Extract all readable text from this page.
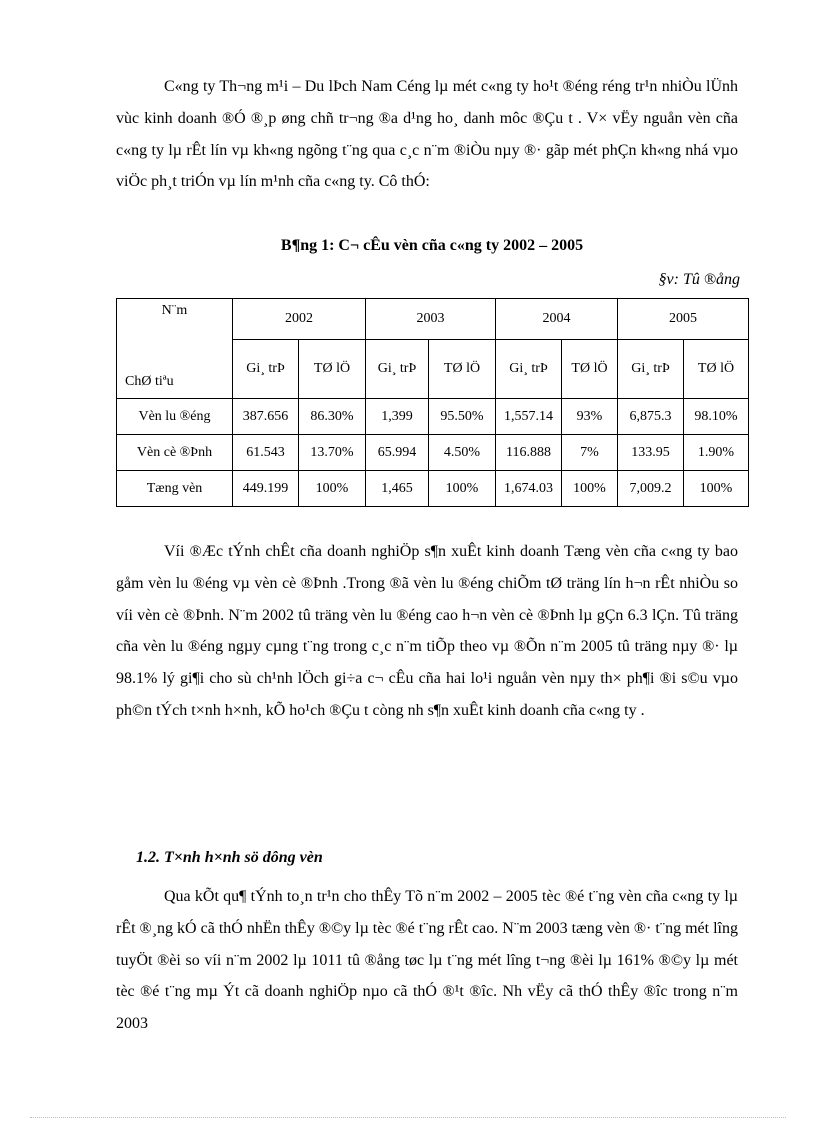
C«ng ty Th¬ng m¹i – Du lÞch Nam Céng lµ mét c«ng ty ho¹t ®éng réng tr¹n nhiÒu lÜnh vùc kinh doanh ®Ó ®¸p øng chñ tr¬ng ®a d¹ng ho¸ danh môc ®Çu t . V× vËy nguån vèn cña c«ng ty lµ rÊt lín vµ kh«ng ngõng t¨ng qua c¸c n¨m ®iÒu nµy ®· gãp mét phÇn kh«ng nhá vµo viÖc ph¸t triÓn vµ lín m¹nh cña c«ng ty. Cô thÓ:

B¶ng 1: C¬ cÊu vèn cña c«ng ty 2002 – 2005

§v: Tû ®ång

N¨m
ChØ tiªu	2002		2003		2004		2005	
	Gi¸ trÞ	TØ lÖ	Gi¸ trÞ	TØ lÖ	Gi¸ trÞ	TØ lÖ	Gi¸ trÞ	TØ lÖ
Vèn lu ®éng	387.656	86.30%	1,399	95.50%	1,557.14	93%	6,875.3	98.10%
Vèn cè ®Þnh	61.543	13.70%	65.994	4.50%	116.888	7%	133.95	1.90%
Tæng vèn	449.199	100%	1,465	100%	1,674.03	100%	7,009.2	100%

Víi ®Æc tÝnh chÊt cña doanh nghiÖp s¶n xuÊt kinh doanh Tæng vèn cña c«ng ty bao gåm vèn lu ®éng vµ vèn cè ®Þnh .Trong ®ã vèn lu ®éng chiÕm tØ träng lín h¬n rÊt nhiÒu so víi vèn cè ®Þnh. N¨m 2002 tû träng vèn lu ®éng cao h¬n vèn cè ®Þnh lµ gÇn 6.3 lÇn. Tû träng cña vèn lu ®éng ngµy cµng t¨ng trong c¸c n¨m tiÕp theo vµ ®Õn n¨m 2005 tû träng nµy ®· lµ 98.1% lý gi¶i cho sù ch¹nh lÖch gi÷a c¬ cÊu cña hai lo¹i nguån vèn nµy th× ph¶i ®i s©u vµo ph©n tÝch t×nh h×nh, kÕ ho¹ch ®Çu t còng nh s¶n xuÊt kinh doanh cña c«ng ty .

1.2. T×nh h×nh sö dông vèn

Qua kÕt qu¶ tÝnh to¸n tr¹n cho thÊy Tõ n¨m 2002 – 2005 tèc ®é t¨ng vèn cña c«ng ty lµ rÊt ®¸ng kÓ cã thÓ nhËn thÊy ®©y lµ tèc ®é t¨ng rÊt cao. N¨m 2003 tæng vèn ®· t¨ng mét lîng tuyÖt ®èi so víi n¨m 2002 lµ 1011 tû ®ång tøc lµ t¨ng mét lîng t¬ng ®èi lµ 161% ®©y lµ mét tèc ®é t¨ng mµ Ýt cã doanh nghiÖp nµo cã thÓ ®¹t ®îc. Nh vËy cã thÓ thÊy ®îc trong n¨m 2003
